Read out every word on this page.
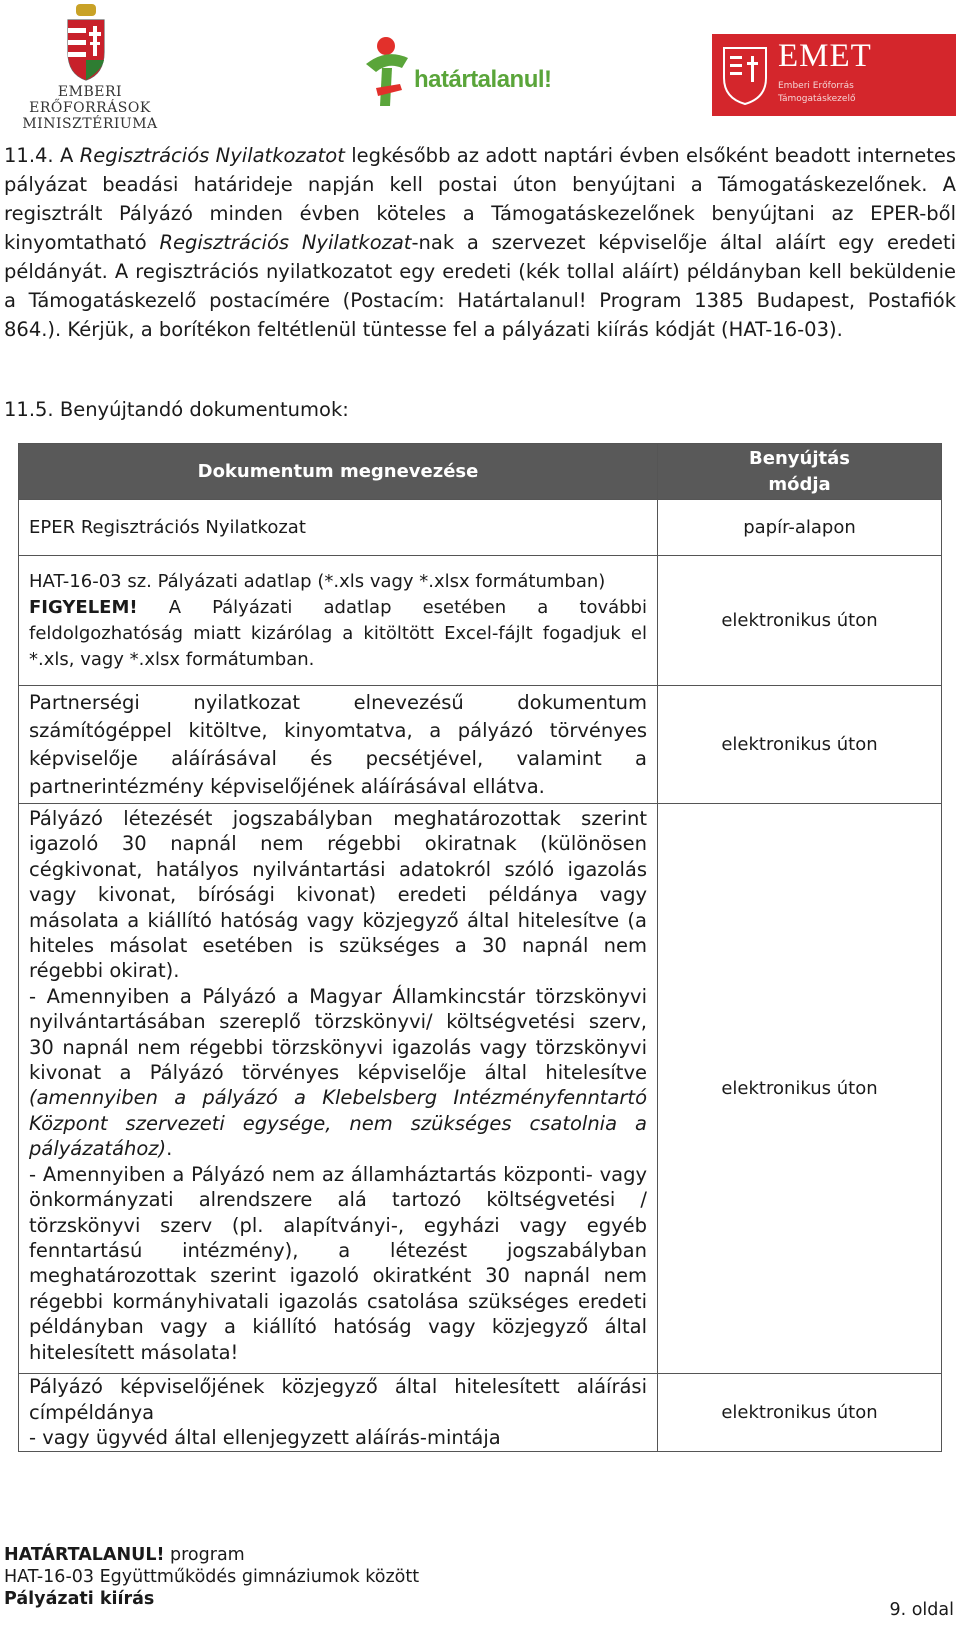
EMBERI ERŐFORRÁSOK
MINISZTÉRIUMA
határtalanul!
EMET
Emberi Erőforrás
Támogatáskezelő
11.4. A Regisztrációs Nyilatkozatot legkésőbb az adott naptári évben elsőként beadott internetes pályázat beadási határideje napján kell postai úton benyújtani a Támogatáskezelőnek. A regisztrált Pályázó minden évben köteles a Támogatáskezelőnek benyújtani az EPER-ből kinyomtatható Regisztrációs Nyilatkozat-nak a szervezet képviselője által aláírt egy eredeti példányát. A regisztrációs nyilatkozatot egy eredeti (kék tollal aláírt) példányban kell beküldenie a Támogatáskezelő postacímére (Postacím: Határtalanul! Program 1385 Budapest, Postafiók 864.). Kérjük, a borítékon feltétlenül tüntesse fel a pályázati kiírás kódját (HAT-16-03).
11.5. Benyújtandó dokumentumok:
Dokumentum megnevezése	Benyújtás módja
EPER Regisztrációs Nyilatkozat	papír-alapon
HAT-16-03 sz. Pályázati adatlap (*.xls vagy *.xlsx formátumban)
FIGYELEM! A Pályázati adatlap esetében a további feldolgozhatóság miatt kizárólag a kitöltött Excel-fájlt fogadjuk el *.xls, vagy *.xlsx formátumban.	elektronikus úton
Partnerségi nyilatkozat elnevezésű dokumentum számítógéppel kitöltve, kinyomtatva, a pályázó törvényes képviselője aláírásával és pecsétjével, valamint a partnerintézmény képviselőjének aláírásával ellátva.	elektronikus úton
Pályázó létezését jogszabályban meghatározottak szerint igazoló 30 napnál nem régebbi okiratnak (különösen cégkivonat, hatályos nyilvántartási adatokról szóló igazolás vagy kivonat, bírósági kivonat) eredeti példánya vagy másolata a kiállító hatóság vagy közjegyző által hitelesítve (a hiteles másolat esetében is szükséges a 30 napnál nem régebbi okirat).
- Amennyiben a Pályázó a Magyar Államkincstár törzskönyvi nyilvántartásában szereplő törzskönyvi/ költségvetési szerv, 30 napnál nem régebbi törzskönyvi igazolás vagy törzskönyvi kivonat a Pályázó törvényes képviselője által hitelesítve (amennyiben a pályázó a Klebelsberg Intézményfenntartó Központ szervezeti egysége, nem szükséges csatolnia a pályázatához).
- Amennyiben a Pályázó nem az államháztartás központi- vagy önkormányzati alrendszere alá tartozó költségvetési / törzskönyvi szerv (pl. alapítványi-, egyházi vagy egyéb fenntartású intézmény), a létezést jogszabályban meghatározottak szerint igazoló okiratként 30 napnál nem régebbi kormányhivatali igazolás csatolása szükséges eredeti példányban vagy a kiállító hatóság vagy közjegyző által hitelesített másolata!	elektronikus úton
Pályázó képviselőjének közjegyző által hitelesített aláírási címpéldánya
- vagy ügyvéd által ellenjegyzett aláírás-mintája	elektronikus úton
HATÁRTALANUL! program
HAT-16-03 Együttműködés gimnáziumok között
Pályázati kiírás
9. oldal
